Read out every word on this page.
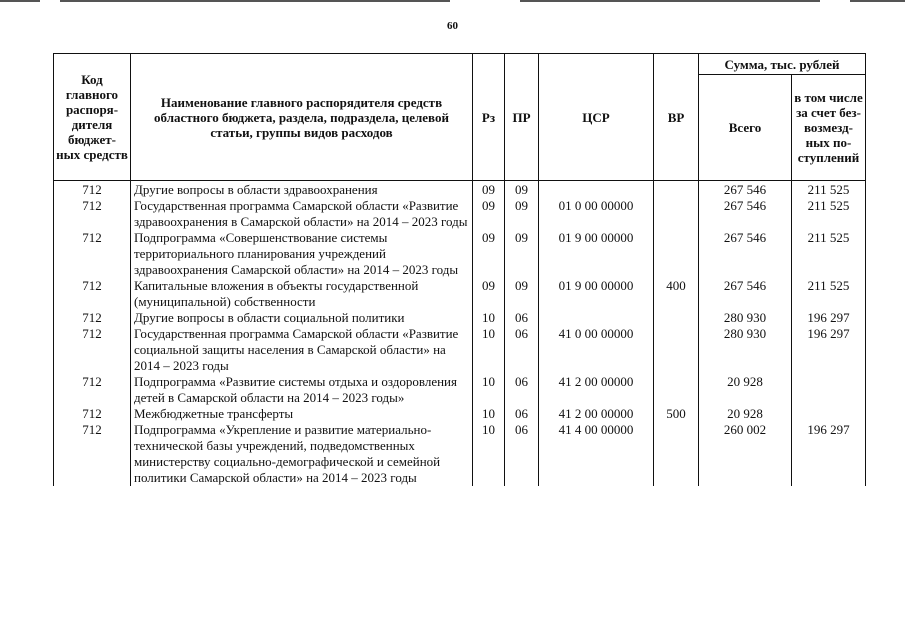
60
Код главного распоря- дителя бюджет- ных средств	Наименование главного распорядителя средств областного бюджета, раздела, подраздела, целевой статьи, группы видов расходов	Рз	ПР	ЦСР	ВР	Сумма, тыс. рублей	
						Всего	в том числе за счет без- возмезд- ных по- ступлений
712	Другие вопросы в области здравоохранения	09	09			267 546	211 525
712	Государственная программа Самарской области «Развитие здравоохранения в Самарской области» на 2014 – 2023 годы	09	09	01 0 00 00000		267 546	211 525
712	Подпрограмма «Совершенствование системы территориального планирования учреждений здравоохранения Самарской области» на 2014 – 2023 годы	09	09	01 9 00 00000		267 546	211 525
712	Капитальные вложения в объекты государственной (муниципальной) собственности	09	09	01 9 00 00000	400	267 546	211 525
712	Другие вопросы в области социальной политики	10	06			280 930	196 297
712	Государственная программа Самарской области «Развитие социальной защиты населения в Самарской области» на 2014 – 2023 годы	10	06	41 0 00 00000		280 930	196 297
712	Подпрограмма «Развитие системы отдыха и оздоровления детей в Самарской области на 2014 – 2023 годы»	10	06	41 2 00 00000		20 928	
712	Межбюджетные трансферты	10	06	41 2 00 00000	500	20 928	
712	Подпрограмма «Укрепление и развитие материально-технической базы учреждений, подведомственных министерству социально-демографической и семейной политики Самарской области» на 2014 – 2023 годы	10	06	41 4 00 00000		260 002	196 297
